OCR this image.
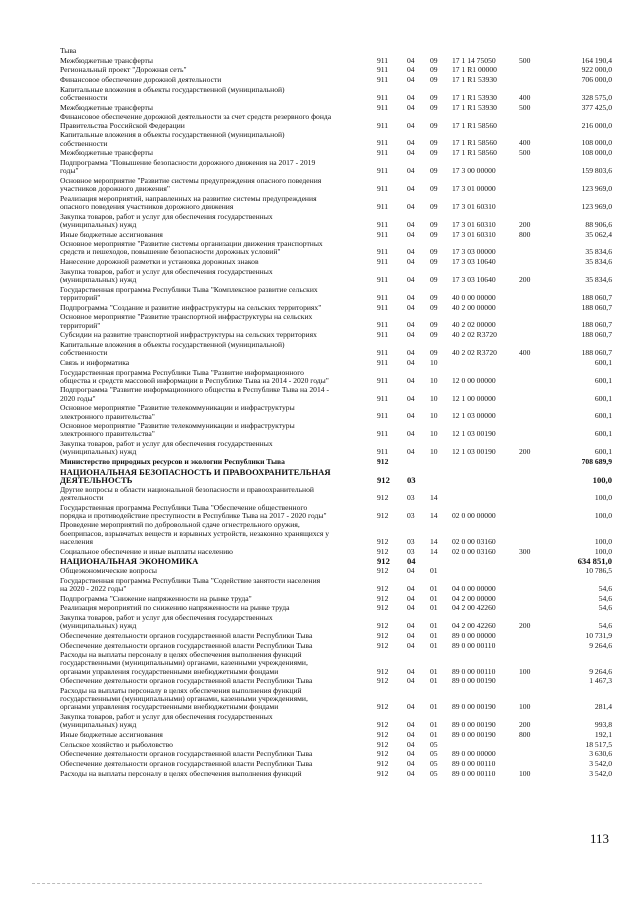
Тыва
Межбюджетные трансферты	911 04 09 17 1 14 75050	500	164 190,4
Региональный проект "Дорожная сеть"	911 04 09 17 1 R1 00000	922 000,0
Финансовое обеспечение дорожной деятельности	911 04 09 17 1 R1 53930	706 000,0
Капитальные вложения в объекты государственной (муниципальной)
собственности	911 04 09 17 1 R1 53930	400	328 575,0
Межбюджетные трансферты	911 04 09 17 1 R1 53930	500	377 425,0
Финансовое обеспечение дорожной деятельности за счет средств резервного фонда
Правительства Российской Федерации	911 04 09 17 1 R1 58560	216 000,0
Капитальные вложения в объекты государственной (муниципальной)
собственности	911 04 09 17 1 R1 58560	400	108 000,0
Межбюджетные трансферты	911 04 09 17 1 R1 58560	500	108 000,0
Подпрограмма "Повышение безопасности дорожного движения на 2017 - 2019
годы"	911 04 09 17 3 00 00000	159 803,6
Основное мероприятие "Развитие системы предупреждения опасного поведения
участников дорожного движения"	911 04 09 17 3 01 00000	123 969,0
Реализация мероприятий, направленных на развитие системы предупреждения
опасного поведения участников дорожного движения	911 04 09 17 3 01 60310	123 969,0
Закупка товаров, работ и услуг для обеспечения государственных
(муниципальных) нужд	911 04 09 17 3 01 60310	200	88 906,6
Иные бюджетные ассигнования	911 04 09 17 3 01 60310	800	35 062,4
Основное мероприятие "Развитие системы организации движения транспортных
средств и пешеходов, повышение безопасности дорожных условий"	911 04 09 17 3 03 00000	35 834,6
Нанесение дорожной разметки и установка дорожных знаков	911 04 09 17 3 03 10640	35 834,6
Закупка товаров, работ и услуг для обеспечения государственных
(муниципальных) нужд	911 04 09 17 3 03 10640	200	35 834,6
Государственная программа Республики Тыва "Комплексное развитие сельских
территорий"	911 04 09 40 0 00 00000	188 060,7
Подпрограмма "Создание и развитие инфраструктуры на сельских территориях"	911 04 09 40 2 00 00000	188 060,7
Основное мероприятие "Развитие транспортной инфраструктуры на сельских
территорий"	911 04 09 40 2 02 00000	188 060,7
Субсидии на развитие транспортной инфраструктуры на сельских территориях	911 04 09 40 2 02 R3720	188 060,7
Капитальные вложения в объекты государственной (муниципальной)
собственности	911 04 09 40 2 02 R3720	400	188 060,7
Связь и информатика	911 04 10	600,1
Государственная программа Республики Тыва "Развитие информационного
общества и средств массовой информации в Республике Тыва на 2014 - 2020 годы"	911 04 10 12 0 00 00000	600,1
Подпрограмма "Развитие информационного общества в Республике Тыва на 2014 -
2020 годы"	911 04 10 12 1 00 00000	600,1
Основное мероприятие "Развитие телекоммуникации и инфраструктуры
электронного правительства"	911 04 10 12 1 03 00000	600,1
Основное мероприятие "Развитие телекоммуникации и инфраструктуры
электронного правительства"	911 04 10 12 1 03 00190	600,1
Закупка товаров, работ и услуг для обеспечения государственных
(муниципальных) нужд	911 04 10 12 1 03 00190	200	600,1
Министерство природных ресурсов и экологии Республики Тыва	912	708 689,9
НАЦИОНАЛЬНАЯ БЕЗОПАСНОСТЬ И ПРАВООХРАНИТЕЛЬНАЯ
ДЕЯТЕЛЬНОСТЬ	912 03	100,0
Другие вопросы в области национальной безопасности и правоохранительной
деятельности	912 03 14	100,0
Государственная программа Республики Тыва "Обеспечение общественного
порядка и противодействие преступности в Республике Тыва на 2017 - 2020 годы"	912 03 14 02 0 00 00000	100,0
Проведение мероприятий по добровольной сдаче огнестрельного оружия,
боеприпасов, взрывчатых веществ и взрывных устройств, незаконно хранящихся у
населения	912 03 14 02 0 00 03160	100,0
Социальное обеспечение и иные выплаты населению	912 03 14 02 0 00 03160	300	100,0
НАЦИОНАЛЬНАЯ ЭКОНОМИКА	912 04	634 851,0
Общеэкономические вопросы	912 04 01	10 786,5
Государственная программа Республики Тыва "Содействие занятости населения
на 2020 - 2022 годы"	912 04 01 04 0 00 00000	54,6
Подпрограмма "Снижение напряженности на рынке труда"	912 04 01 04 2 00 00000	54,6
Реализация мероприятий по снижению напряженности на рынке труда	912 04 01 04 2 00 42260	54,6
Закупка товаров, работ и услуг для обеспечения государственных
(муниципальных) нужд	912 04 01 04 2 00 42260	200	54,6
Обеспечение деятельности органов государственной власти Республики Тыва	912 04 01 89 0 00 00000	10 731,9
Обеспечение деятельности органов государственной власти Республики Тыва	912 04 01 89 0 00 00110	9 264,6
Расходы на выплаты персоналу в целях обеспечения выполнения функций
государственными (муниципальными) органами, казенными учреждениями,
органами управления государственными внебюджетными фондами	912 04 01 89 0 00 00110	100	9 264,6
Обеспечение деятельности органов государственной власти Республики Тыва	912 04 01 89 0 00 00190	1 467,3
Расходы на выплаты персоналу в целях обеспечения выполнения функций
государственными (муниципальными) органами, казенными учреждениями,
органами управления государственными внебюджетными фондами	912 04 01 89 0 00 00190	100	281,4
Закупка товаров, работ и услуг для обеспечения государственных
(муниципальных) нужд	912 04 01 89 0 00 00190	200	993,8
Иные бюджетные ассигнования	912 04 01 89 0 00 00190	800	192,1
Сельское хозяйство и рыболовство	912 04 05	18 517,5
Обеспечение деятельности органов государственной власти Республики Тыва	912 04 05 89 0 00 00000	3 630,6
Обеспечение деятельности органов государственной власти Республики Тыва	912 04 05 89 0 00 00110	3 542,0
Расходы на выплаты персоналу в целях обеспечения выполнения функций	912 04 05 89 0 00 00110	100	3 542,0
113
